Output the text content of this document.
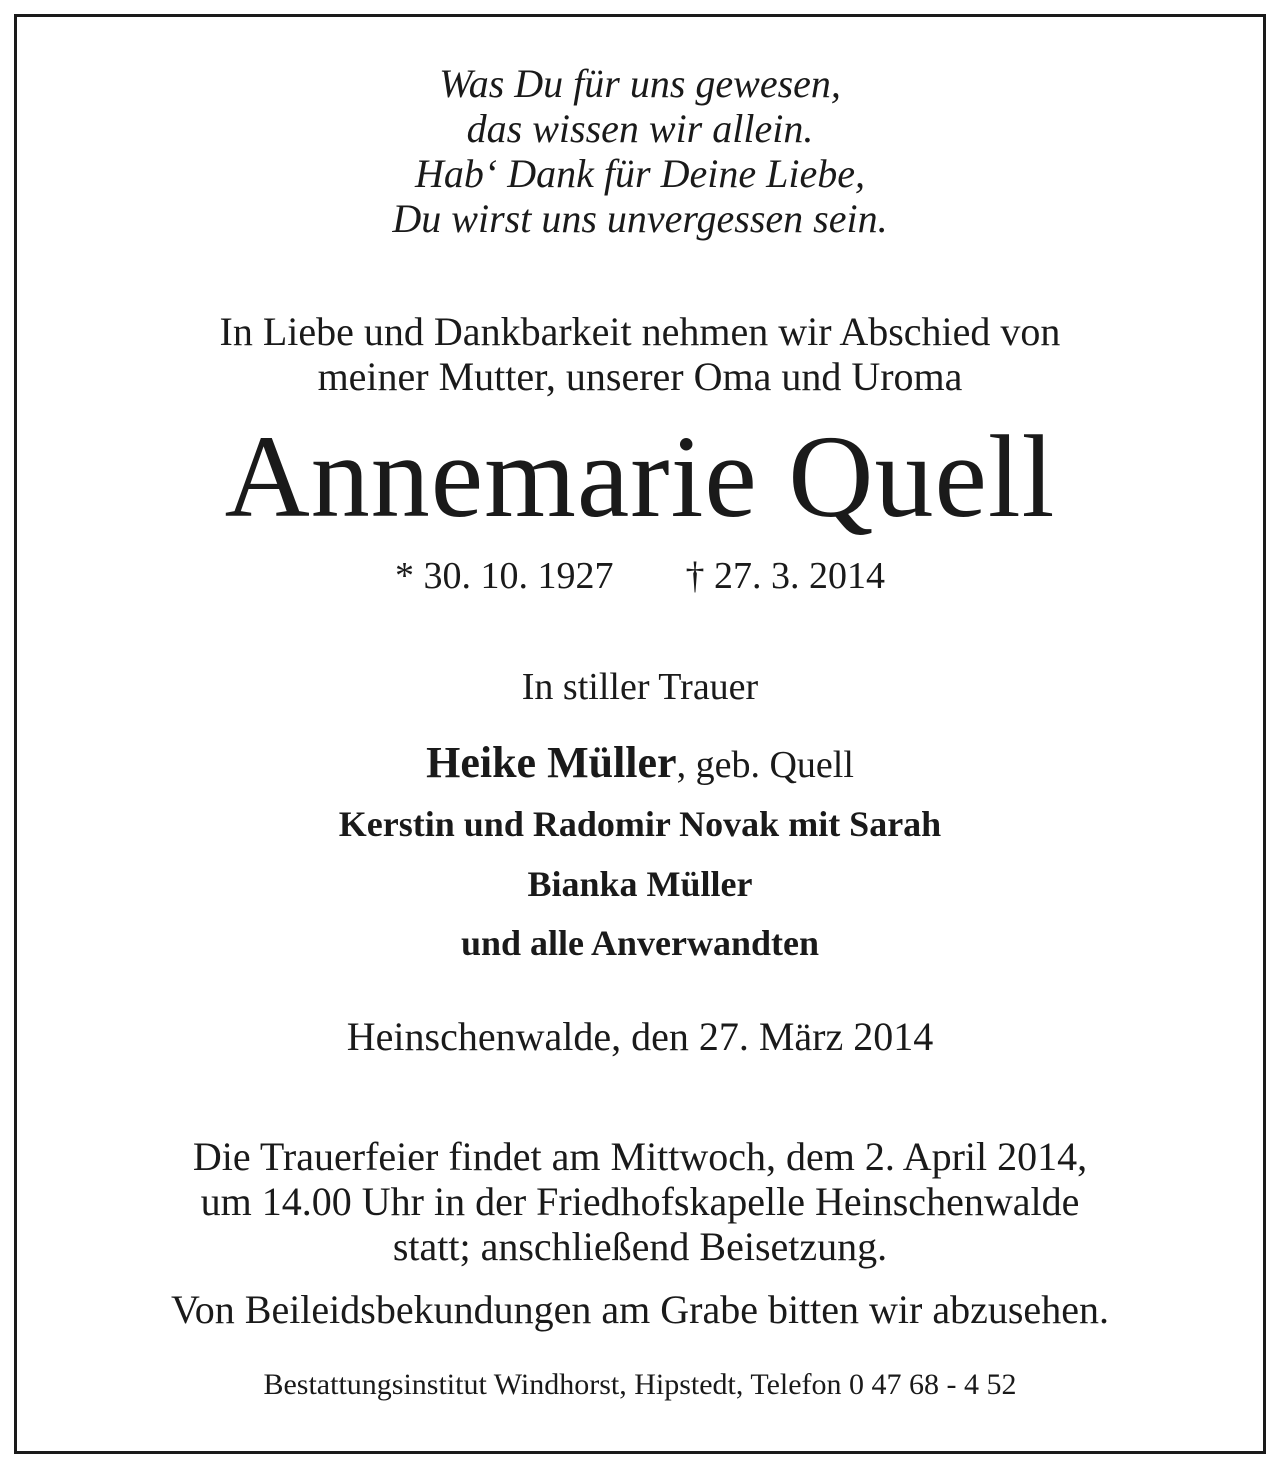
Was Du für uns gewesen,
das wissen wir allein.
Hab‘ Dank für Deine Liebe,
Du wirst uns unvergessen sein.
In Liebe und Dankbarkeit nehmen wir Abschied von
meiner Mutter, unserer Oma und Uroma
Annemarie Quell
* 30. 10. 1927 † 27. 3. 2014
In stiller Trauer
Heike Müller, geb. Quell
Kerstin und Radomir Novak mit Sarah
Bianka Müller
und alle Anverwandten
Heinschenwalde, den 27. März 2014
Die Trauerfeier findet am Mittwoch, dem 2. April 2014,
um 14.00 Uhr in der Friedhofskapelle Heinschenwalde
statt; anschließend Beisetzung.
Von Beileidsbekundungen am Grabe bitten wir abzusehen.
Bestattungsinstitut Windhorst, Hipstedt, Telefon 0 47 68 - 4 52
